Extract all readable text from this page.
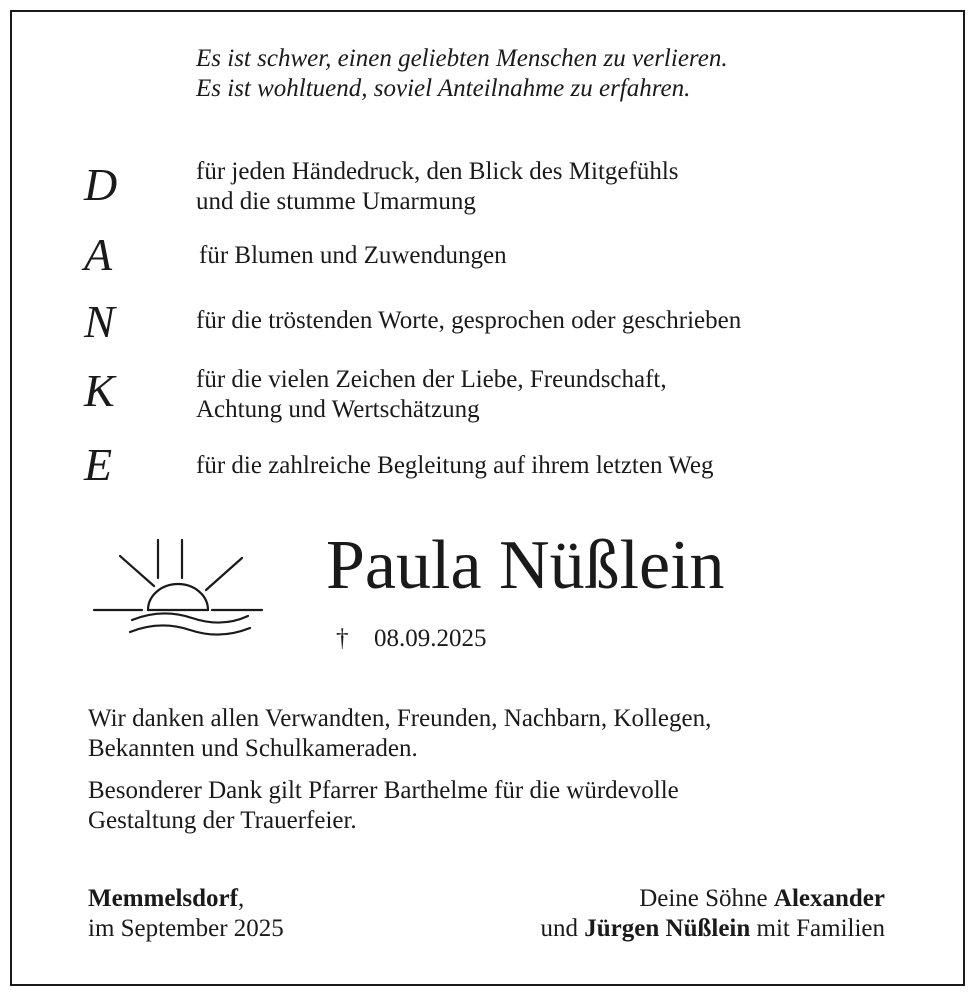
Es ist schwer, einen geliebten Menschen zu verlieren.
Es ist wohltuend, soviel Anteilnahme zu erfahren.
D	für jeden Händedruck, den Blick des Mitgefühls
und die stumme Umarmung
A	für Blumen und Zuwendungen
N	für die tröstenden Worte, gesprochen oder geschrieben
K	für die vielen Zeichen der Liebe, Freundschaft,
Achtung und Wertschätzung
E	für die zahlreiche Begleitung auf ihrem letzten Weg
Paula Nüßlein
† 08.09.2025
Wir danken allen Verwandten, Freunden, Nachbarn, Kollegen,
Bekannten und Schulkameraden.
Besonderer Dank gilt Pfarrer Barthelme für die würdevolle
Gestaltung der Trauerfeier.
Memmelsdorf,
im September 2025
Deine Söhne Alexander
und Jürgen Nüßlein mit Familien
